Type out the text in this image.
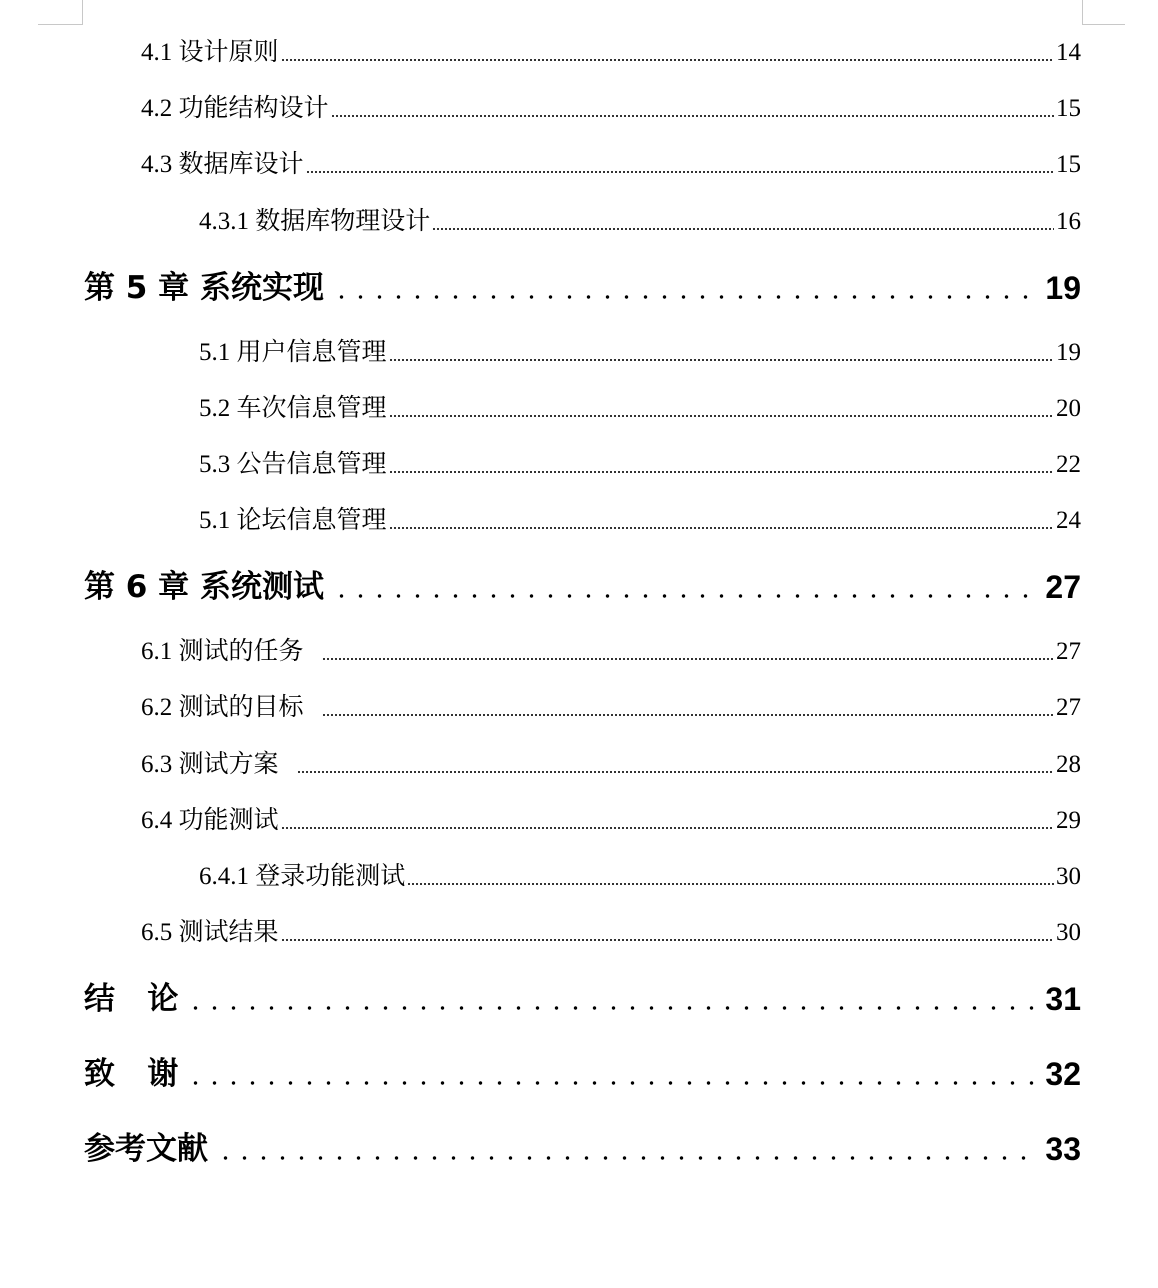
4.1 设计原则	14
4.2 功能结构设计	15
4.3 数据库设计	15
4.3.1 数据库物理设计	16
第 5 章 系统实现	19
5.1 用户信息管理	19
5.2 车次信息管理	20
5.3 公告信息管理	22
5.1 论坛信息管理	24
第 6 章 系统测试	27
6.1 测试的任务	27
6.2 测试的目标	27
6.3 测试方案	28
6.4 功能测试	29
6.4.1 登录功能测试	30
6.5 测试结果	30
结   论	31
致   谢	32
参考文献	33
